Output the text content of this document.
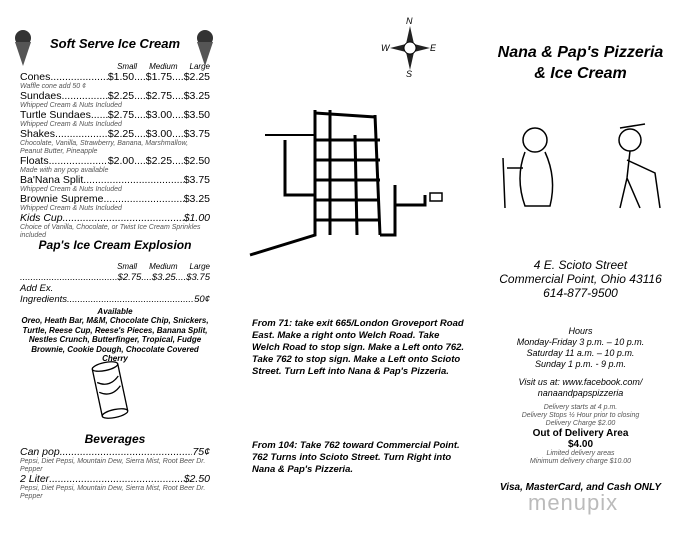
Soft Serve Ice Cream
Small Medium Large
Cones .....	$1.50 .... $1.75 .... $2.25
Waffle cone add 50 ¢
Sundaes .....	$2.25 .... $2.75 .... $3.25
Whipped Cream & Nuts Included
Turtle Sundaes ..... $2.75 .... $3.00 .... $3.50
Whipped Cream & Nuts Included
Shakes .....	$2.25 .... $3.00 .... $3.75
Chocolate, Vanilla, Strawberry, Banana, Marshmallow, Peanut Butter, Pineapple
Floats .....	$2.00 .... $2.25 .... $2.50
Made with any pop available
Ba'Nana Split .....	$3.75
Whipped Cream & Nuts Included
Brownie Supreme .....	$3.25
Whipped Cream & Nuts Included
Kids Cup .....	$1.00
Choice of Vanilla, Chocolate, or Twist Ice Cream Sprinkles included
Pap's Ice Cream Explosion
Small Medium Large
.....
$2.75 .... $3.25 .... $3.75
Add Ex.
Ingredients .....	50¢
Available
Oreo, Heath Bar, M&M, Chocolate Chip, Snickers, Turtle, Reese Cup, Reese's Pieces, Banana Split, Nestles Crunch, Butterfinger, Tropical, Fudge Brownie, Cookie Dough, Chocolate Covered Cherry
Beverages
Can pop .....	75¢
Pepsi, Diet Pepsi, Mountain Dew, Sierra Mist, Root Beer Dr. Pepper
2 Liter .....	$2.50
Pepsi, Diet Pepsi, Mountain Dew, Sierra Mist, Root Beer Dr. Pepper
N
S
E
W
From 71: take exit 665/London Groveport Road East. Make a right onto Welch Road. Take Welch Road to stop sign. Make a Left onto 762. Take 762 to stop sign. Make a Left onto Scioto Street. Turn Left into Nana & Pap's Pizzeria.
From 104: Take 762 toward Commercial Point. 762 Turns into Scioto Street. Turn Right into Nana & Pap's Pizzeria.
Nana & Pap's Pizzeria
& Ice Cream
4 E. Scioto Street
Commercial Point, Ohio 43116
614-877-9500
Hours
Monday-Friday 3 p.m. – 10 p.m.
Saturday 11 a.m. – 10 p.m.
Sunday 1 p.m. - 9 p.m.
Visit us at: www.facebook.com/
nanaandpapspizzeria
Delivery starts at 4 p.m.
Delivery Stops ½ Hour prior to closing
Delivery Charge $2.00
Out of Delivery Area
$4.00
Limited delivery areas
Minimum delivery charge $10.00
Visa, MasterCard, and Cash ONLY
menupix
